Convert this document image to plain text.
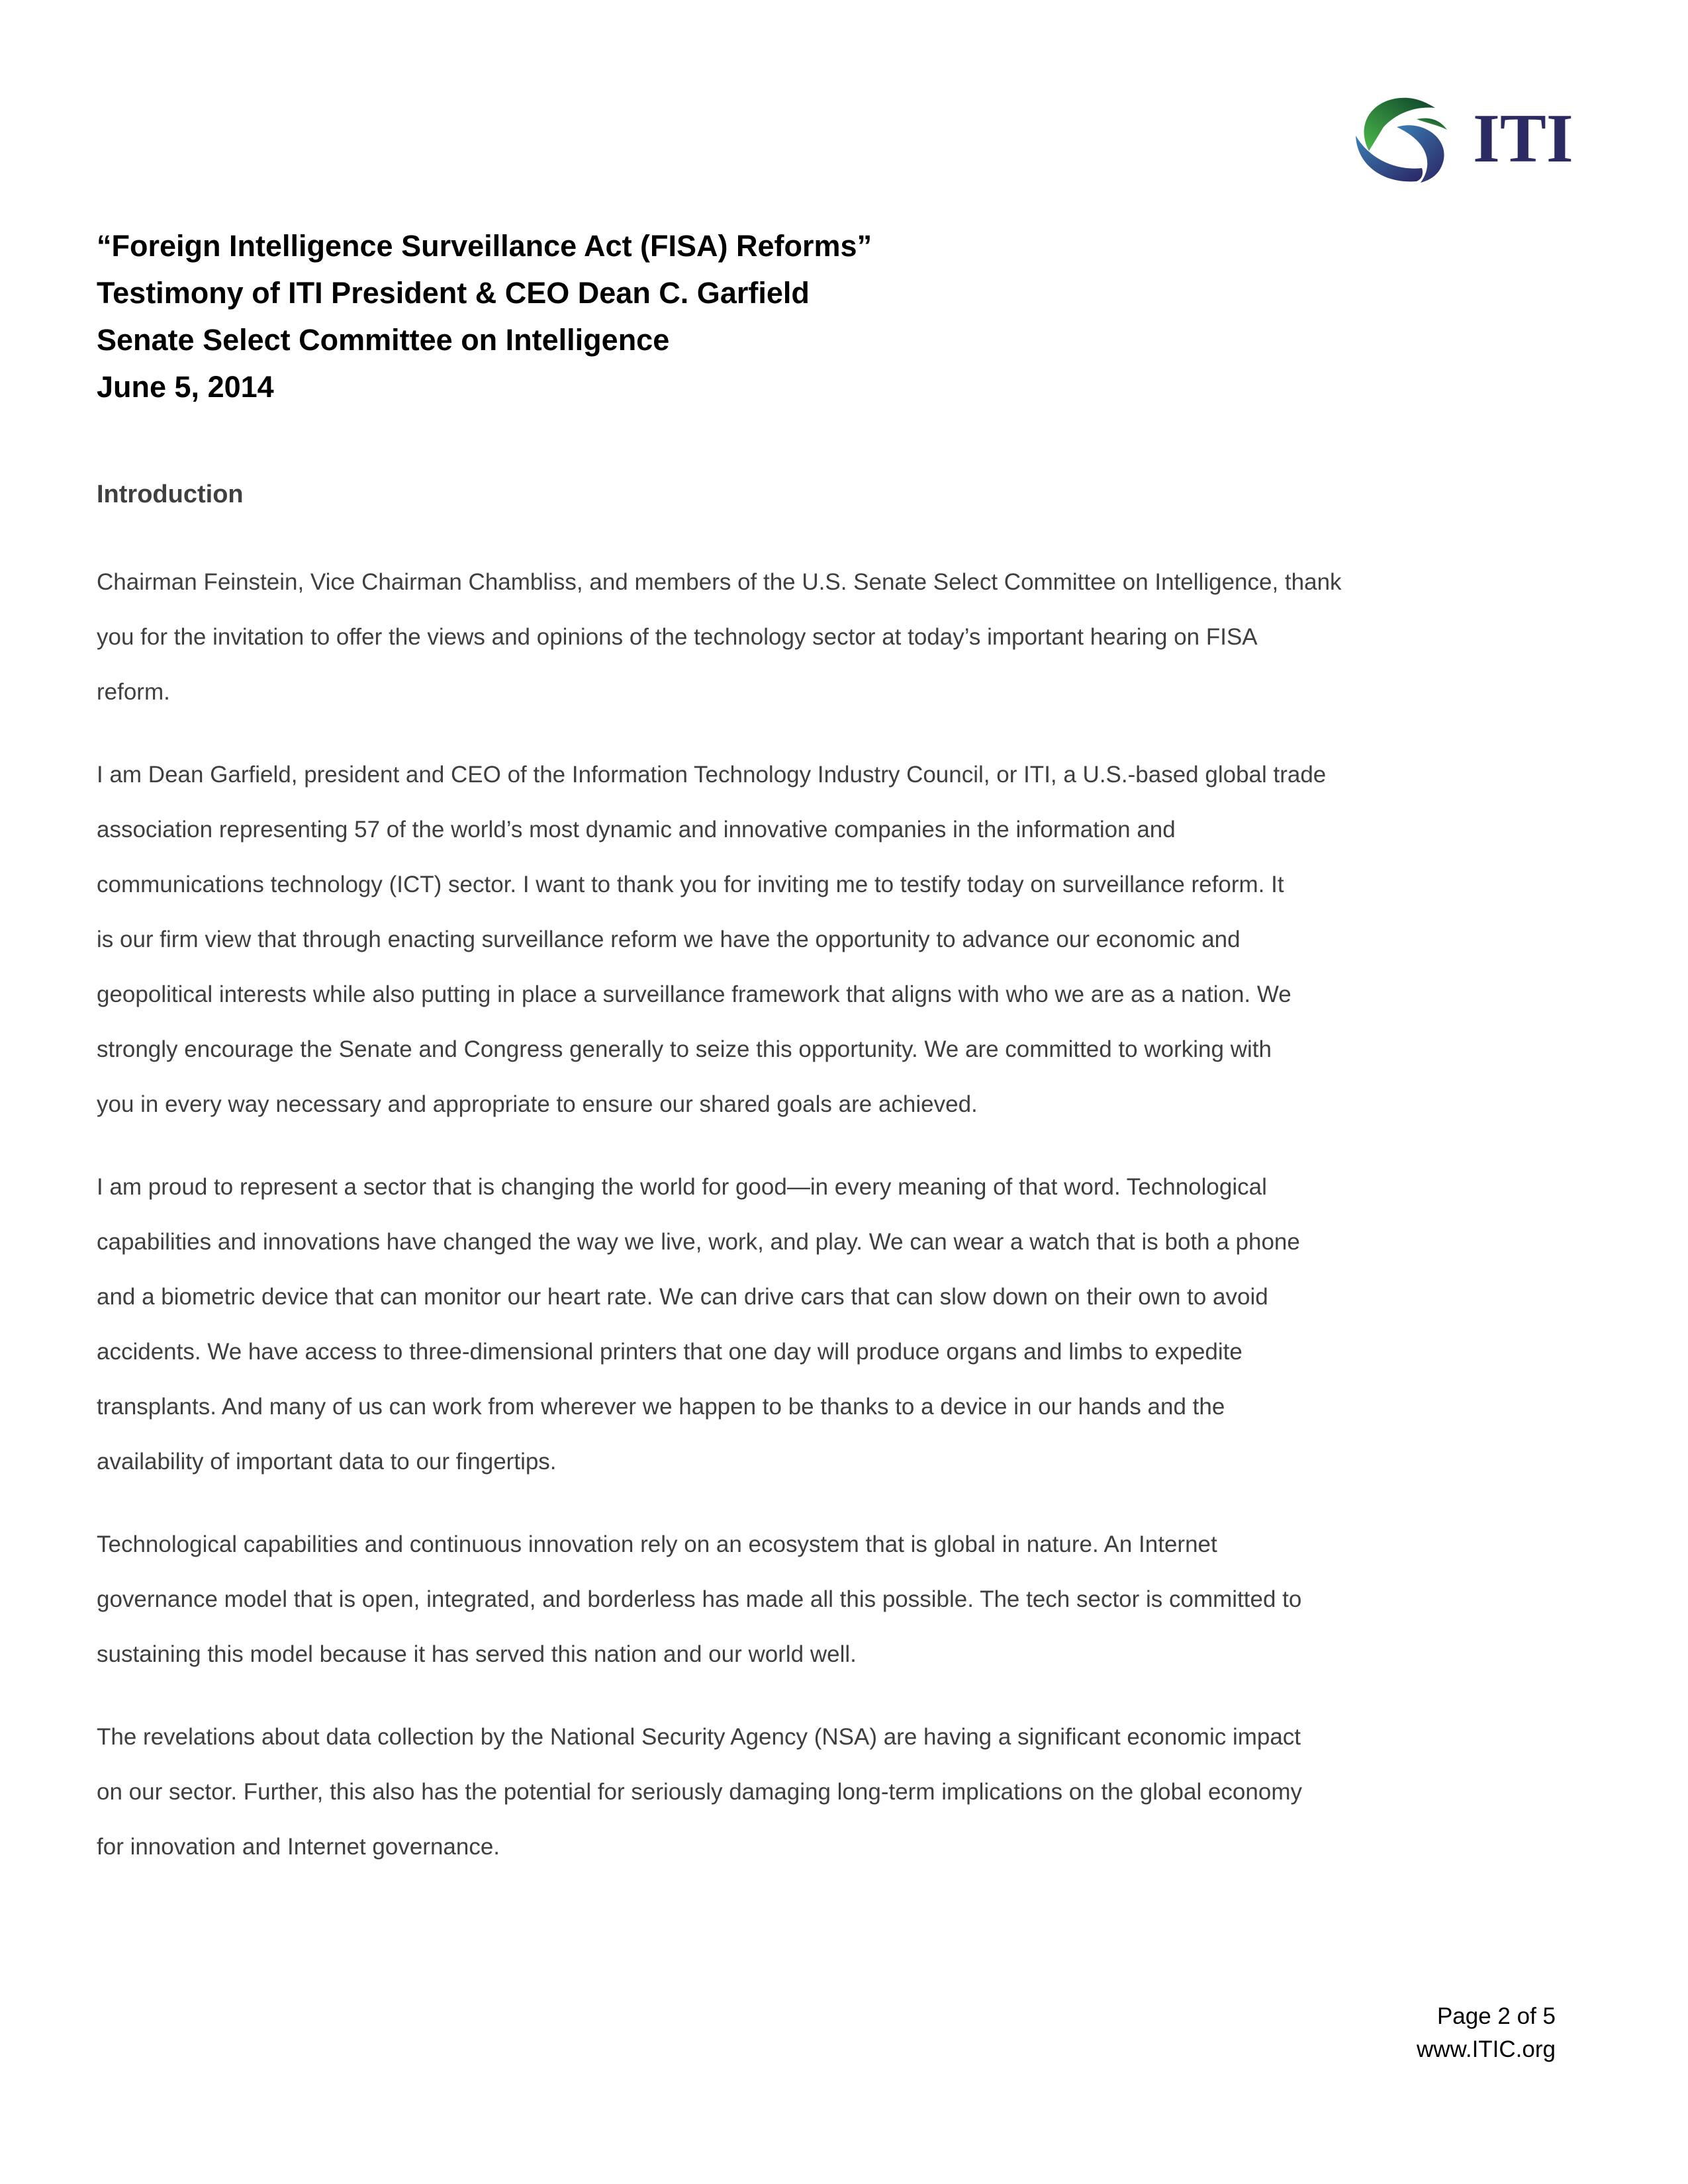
ITI
“Foreign Intelligence Surveillance Act (FISA) Reforms”
Testimony of ITI President & CEO Dean C. Garfield
Senate Select Committee on Intelligence
June 5, 2014
Introduction
Chairman Feinstein, Vice Chairman Chambliss, and members of the U.S. Senate Select Committee on Intelligence, thank
you for the invitation to offer the views and opinions of the technology sector at today’s important hearing on FISA
reform.
I am Dean Garfield, president and CEO of the Information Technology Industry Council, or ITI, a U.S.-based global trade
association representing 57 of the world’s most dynamic and innovative companies in the information and
communications technology (ICT) sector. I want to thank you for inviting me to testify today on surveillance reform. It
is our firm view that through enacting surveillance reform we have the opportunity to advance our economic and
geopolitical interests while also putting in place a surveillance framework that aligns with who we are as a nation. We
strongly encourage the Senate and Congress generally to seize this opportunity. We are committed to working with
you in every way necessary and appropriate to ensure our shared goals are achieved.
I am proud to represent a sector that is changing the world for good—in every meaning of that word. Technological
capabilities and innovations have changed the way we live, work, and play. We can wear a watch that is both a phone
and a biometric device that can monitor our heart rate. We can drive cars that can slow down on their own to avoid
accidents. We have access to three-dimensional printers that one day will produce organs and limbs to expedite
transplants. And many of us can work from wherever we happen to be thanks to a device in our hands and the
availability of important data to our fingertips.
Technological capabilities and continuous innovation rely on an ecosystem that is global in nature. An Internet
governance model that is open, integrated, and borderless has made all this possible. The tech sector is committed to
sustaining this model because it has served this nation and our world well.
The revelations about data collection by the National Security Agency (NSA) are having a significant economic impact
on our sector. Further, this also has the potential for seriously damaging long-term implications on the global economy
for innovation and Internet governance.
Page 2 of 5
www.ITIC.org
